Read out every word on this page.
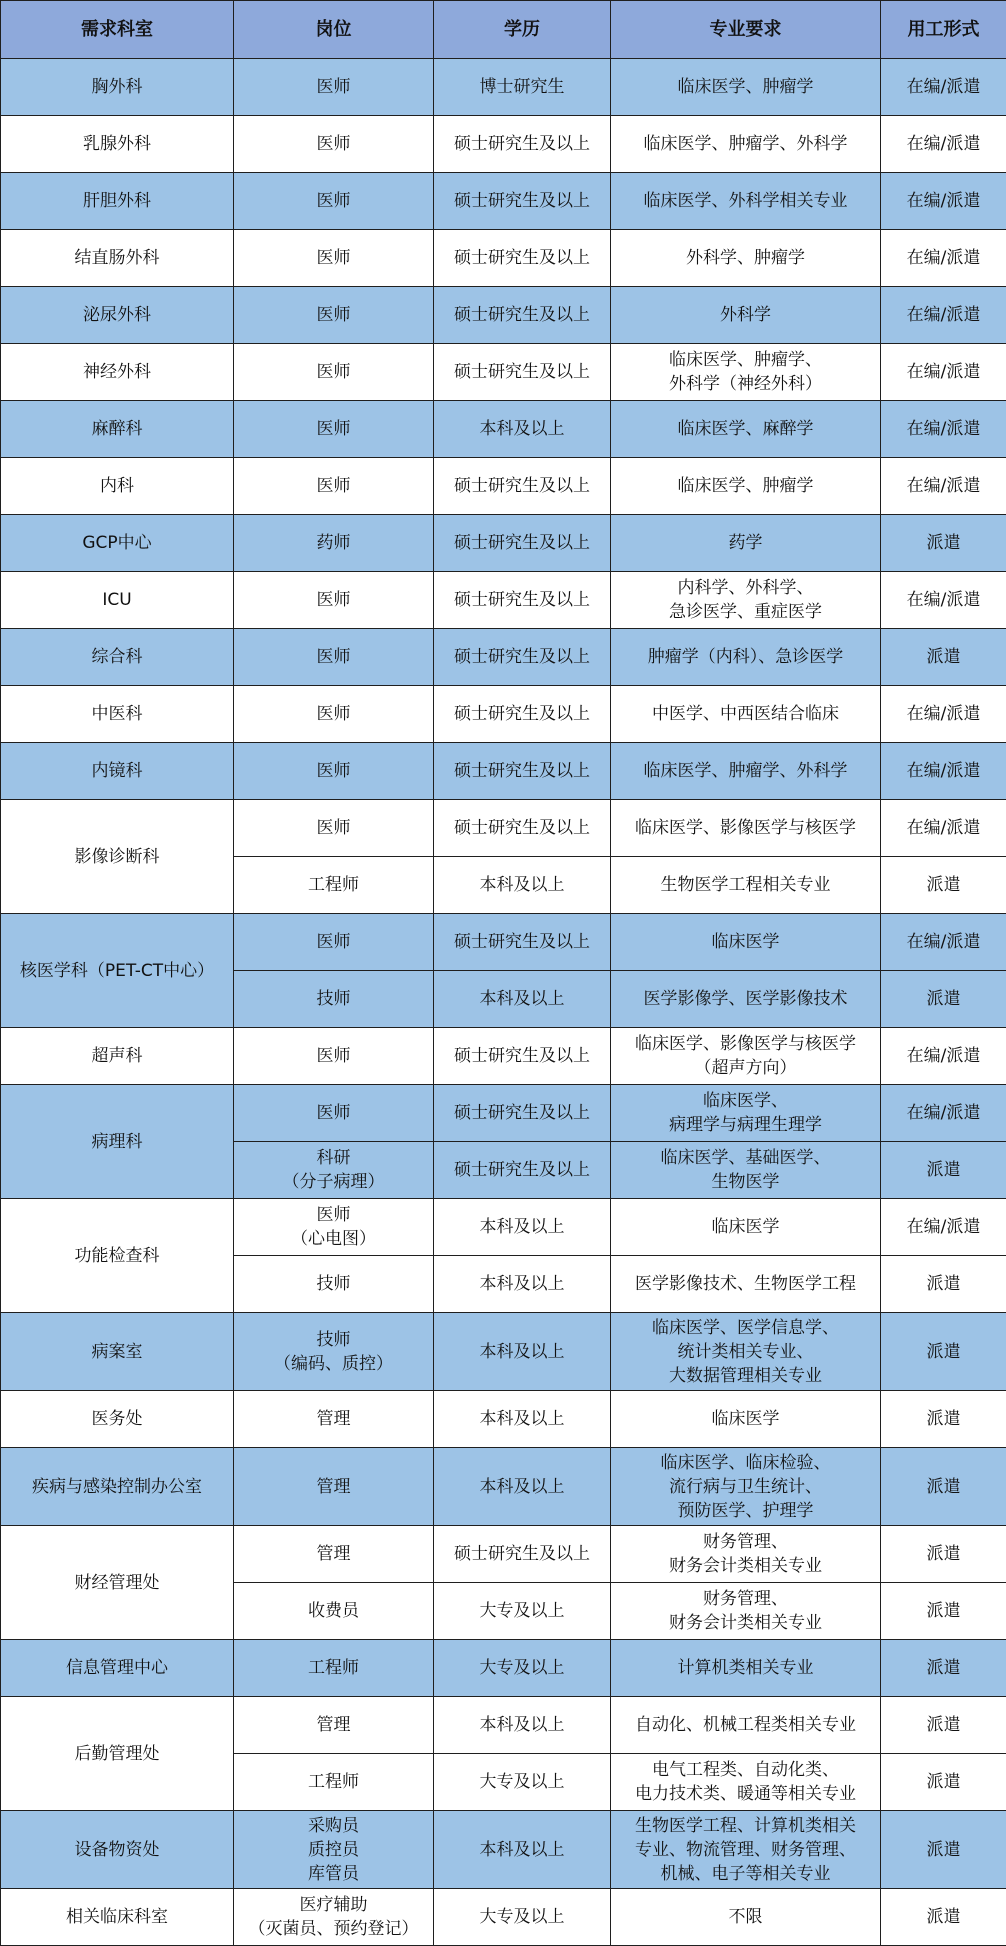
需求科室	岗位	学历	专业要求	用工形式
胸外科	医师	博士研究生	临床医学、肿瘤学	在编/派遣
乳腺外科	医师	硕士研究生及以上	临床医学、肿瘤学、外科学	在编/派遣
肝胆外科	医师	硕士研究生及以上	临床医学、外科学相关专业	在编/派遣
结直肠外科	医师	硕士研究生及以上	外科学、肿瘤学	在编/派遣
泌尿外科	医师	硕士研究生及以上	外科学	在编/派遣
神经外科	医师	硕士研究生及以上	临床医学、肿瘤学、
外科学（神经外科）	在编/派遣
麻醉科	医师	本科及以上	临床医学、麻醉学	在编/派遣
内科	医师	硕士研究生及以上	临床医学、肿瘤学	在编/派遣
GCP中心	药师	硕士研究生及以上	药学	派遣
ICU	医师	硕士研究生及以上	内科学、外科学、
急诊医学、重症医学	在编/派遣
综合科	医师	硕士研究生及以上	肿瘤学（内科）、急诊医学	派遣
中医科	医师	硕士研究生及以上	中医学、中西医结合临床	在编/派遣
内镜科	医师	硕士研究生及以上	临床医学、肿瘤学、外科学	在编/派遣
影像诊断科	医师	硕士研究生及以上	临床医学、影像医学与核医学	在编/派遣

	工程师	本科及以上	生物医学工程相关专业	派遣
核医学科（PET-CT中心）	医师	硕士研究生及以上	临床医学	在编/派遣

	技师	本科及以上	医学影像学、医学影像技术	派遣
超声科	医师	硕士研究生及以上	临床医学、影像医学与核医学
（超声方向）	在编/派遣
病理科	医师	硕士研究生及以上	临床医学、
病理学与病理生理学	在编/派遣

	科研
（分子病理）	硕士研究生及以上	临床医学、基础医学、
生物医学	派遣
功能检查科	医师
（心电图）	本科及以上	临床医学	在编/派遣

	技师	本科及以上	医学影像技术、生物医学工程	派遣
病案室	技师
（编码、质控）	本科及以上	临床医学、医学信息学、
统计类相关专业、
大数据管理相关专业	派遣
医务处	管理	本科及以上	临床医学	派遣
疾病与感染控制办公室	管理	本科及以上	临床医学、临床检验、
流行病与卫生统计、
预防医学、护理学	派遣
财经管理处	管理	硕士研究生及以上	财务管理、
财务会计类相关专业	派遣

	收费员	大专及以上	财务管理、
财务会计类相关专业	派遣
信息管理中心	工程师	大专及以上	计算机类相关专业	派遣
后勤管理处	管理	本科及以上	自动化、机械工程类相关专业	派遣

	工程师	大专及以上	电气工程类、自动化类、
电力技术类、暖通等相关专业	派遣
设备物资处	采购员
质控员
库管员	本科及以上	生物医学工程、计算机类相关
专业、物流管理、财务管理、
机械、电子等相关专业	派遣
相关临床科室	医疗辅助
（灭菌员、预约登记）	大专及以上	不限	派遣
